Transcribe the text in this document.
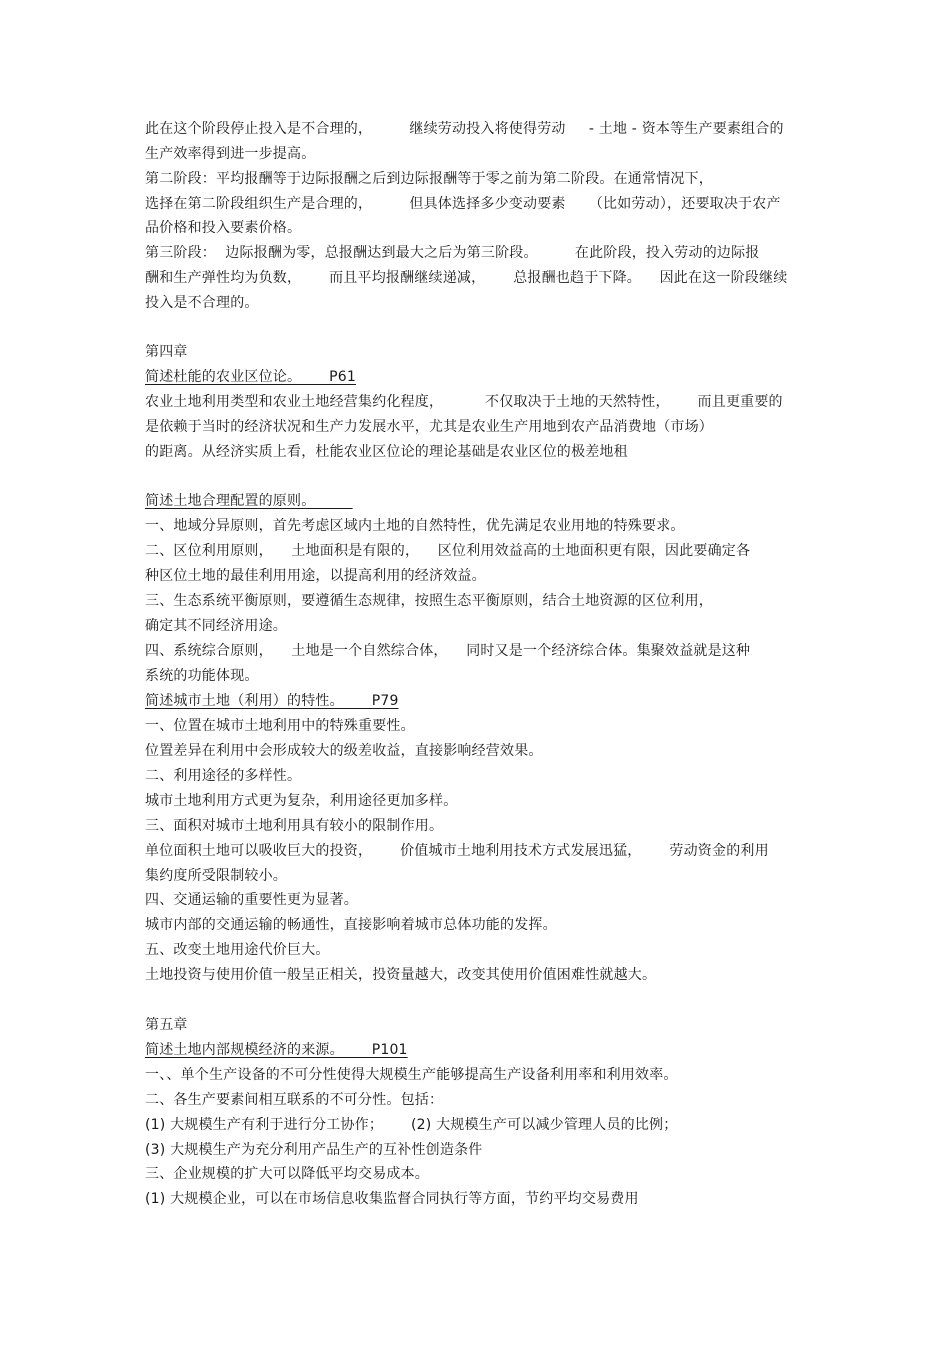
此在这个阶段停止投入是不合理的，        继续劳动投入将使得劳动     - 土地 - 资本等生产要素组合的
生产效率得到进一步提高。
第二阶段：平均报酬等于边际报酬之后到边际报酬等于零之前为第二阶段。在通常情况下，
选择在第二阶段组织生产是合理的，        但具体选择多少变动要素     （比如劳动），还要取决于农产
品价格和投入要素价格。
第三阶段：  边际报酬为零，总报酬达到最大之后为第三阶段。        在此阶段，投入劳动的边际报
酬和生产弹性均为负数，      而且平均报酬继续递减，      总报酬也趋于下降。    因此在这一阶段继续
投入是不合理的。
第四章
简述杜能的农业区位论。      P61
农业土地利用类型和农业土地经营集约化程度，         不仅取决于土地的天然特性，      而且更重要的
是依赖于当时的经济状况和生产力发展水平，尤其是农业生产用地到农产品消费地（市场）
的距离。从经济实质上看，杜能农业区位论的理论基础是农业区位的极差地租
简述土地合理配置的原则。
一、地域分异原则，首先考虑区域内土地的自然特性，优先满足农业用地的特殊要求。
二、区位利用原则，    土地面积是有限的，    区位利用效益高的土地面积更有限，因此要确定各
种区位土地的最佳利用用途，以提高利用的经济效益。
三、生态系统平衡原则，要遵循生态规律，按照生态平衡原则，结合土地资源的区位利用，
确定其不同经济用途。
四、系统综合原则，    土地是一个自然综合体，    同时又是一个经济综合体。集聚效益就是这种
系统的功能体现。
简述城市土地（利用）的特性。      P79
一、位置在城市土地利用中的特殊重要性。
位置差异在利用中会形成较大的级差收益，直接影响经营效果。
二、利用途径的多样性。
城市土地利用方式更为复杂，利用途径更加多样。
三、面积对城市土地利用具有较小的限制作用。
单位面积土地可以吸收巨大的投资，      价值城市土地利用技术方式发展迅猛，      劳动资金的利用
集约度所受限制较小。
四、交通运输的重要性更为显著。
城市内部的交通运输的畅通性，直接影响着城市总体功能的发挥。
五、改变土地用途代价巨大。
土地投资与使用价值一般呈正相关，投资量越大，改变其使用价值困难性就越大。
第五章
简述土地内部规模经济的来源。      P101
一、、单个生产设备的不可分性使得大规模生产能够提高生产设备利用率和利用效率。
二、各生产要素间相互联系的不可分性。包括：
(1) 大规模生产有利于进行分工协作；      (2) 大规模生产可以减少管理人员的比例；
(3) 大规模生产为充分利用产品生产的互补性创造条件
三、企业规模的扩大可以降低平均交易成本。
(1) 大规模企业，可以在市场信息收集监督合同执行等方面，节约平均交易费用
